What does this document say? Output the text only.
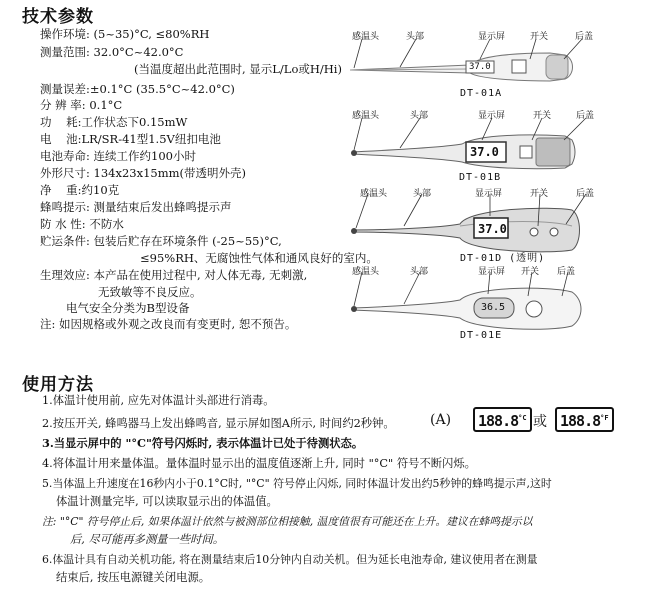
技术参数
操作环境: (5~35)°C, ≤80%RH
测量范围: 32.0°C~42.0°C
(当温度超出此范围时, 显示L/Lo或H/Hi)
测量误差:±0.1°C (35.5°C~42.0°C)
分 辨 率: 0.1°C
功    耗:工作状态下0.15mW
电    池:LR/SR-41型1.5V纽扣电池
电池寿命: 连续工作约100小时
外形尺寸: 134x23x15mm(带透明外壳)
净    重:约10克
蜂鸣提示: 测量结束后发出蜂鸣提示声
防 水 性: 不防水
贮运条件: 包装后贮存在环境条件 (-25~55)°C,
≤95%RH、无腐蚀性气体和通风良好的室内。
生理效应: 本产品在使用过程中, 对人体无毒, 无刺激,
无致敏等不良反应。
电气安全分类为B型设备
注: 如因规格或外观之改良而有变更时, 恕不预告。
感温头	头部	显示屏	开关	后盖
37.0
DT-01A
感温头	头部	显示屏	开关	后盖
37.0
DT-01B
感温头	头部	显示屏	开关	后盖
37.0
DT-01D (透明)
感温头	头部	显示屏 开关 后盖
36.5
DT-01E
使用方法
1.体温计使用前, 应先对体温计头部进行消毒。
2.按压开关, 蜂鸣器马上发出蜂鸣音, 显示屏如图A所示, 时间约2秒钟。	(A)	$188.8^{^\circ C}$ 或 $188.8^{^\circ F}$
3.当显示屏中的 "°C"符号闪烁时, 表示体温计已处于待测状态。
4.将体温计用来量体温。量体温时显示出的温度值逐渐上升, 同时 "°C" 符号不断闪烁。
5.当体温上升速度在16秒内小于0.1°C时, "°C" 符号停止闪烁, 同时体温计发出约5秒钟的蜂鸣提示声,这时
体温计测量完毕, 可以读取显示出的体温值。
注: "°C" 符号停止后, 如果体温计依然与被测部位相接触, 温度值很有可能还在上升。建议在蜂鸣提示以
后, 尽可能再多测量一些时间。
6.体温计具有自动关机功能, 将在测量结束后10分钟内自动关机。但为延长电池寿命, 建议使用者在测量
结束后, 按压电源键关闭电源。
